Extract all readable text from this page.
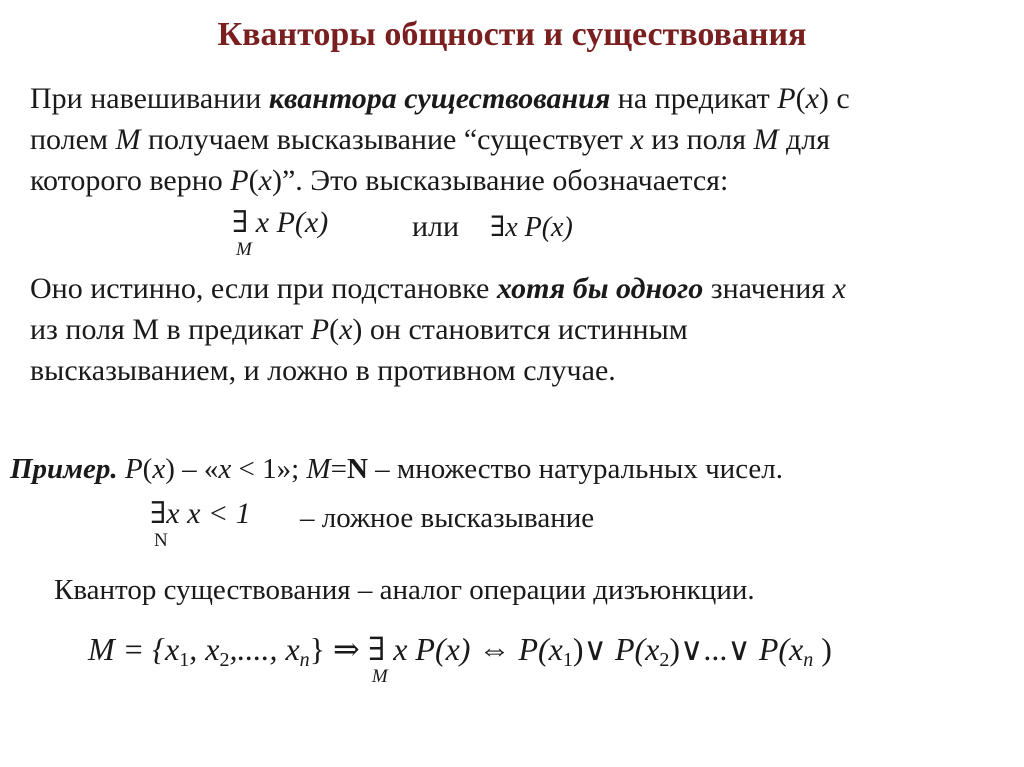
Кванторы общности и существования
При навешивании квантора существования на предикат P(x) с
полем M получаем высказывание “существует x из поля M для
которого верно P(x)”. Это высказывание обозначается:
∃
M
x P(x)	или ∃x P(x)
Оно истинно, если при подстановке хотя бы одного значения x
из поля М в предикат P(x) он становится истинным
высказыванием, и ложно в противном случае.
Пример. P(x) – «x < 1»; M=N – множество натуральных чисел.
∃
N
x x < 1 – ложное высказывание
Квантор существования – аналог операции дизъюнкции.
M = {x1, x2,...., xn} ⇒ ∃
M
x P(x) ⇔ P(x1)∨ P(x2)∨...∨ P(xn )
